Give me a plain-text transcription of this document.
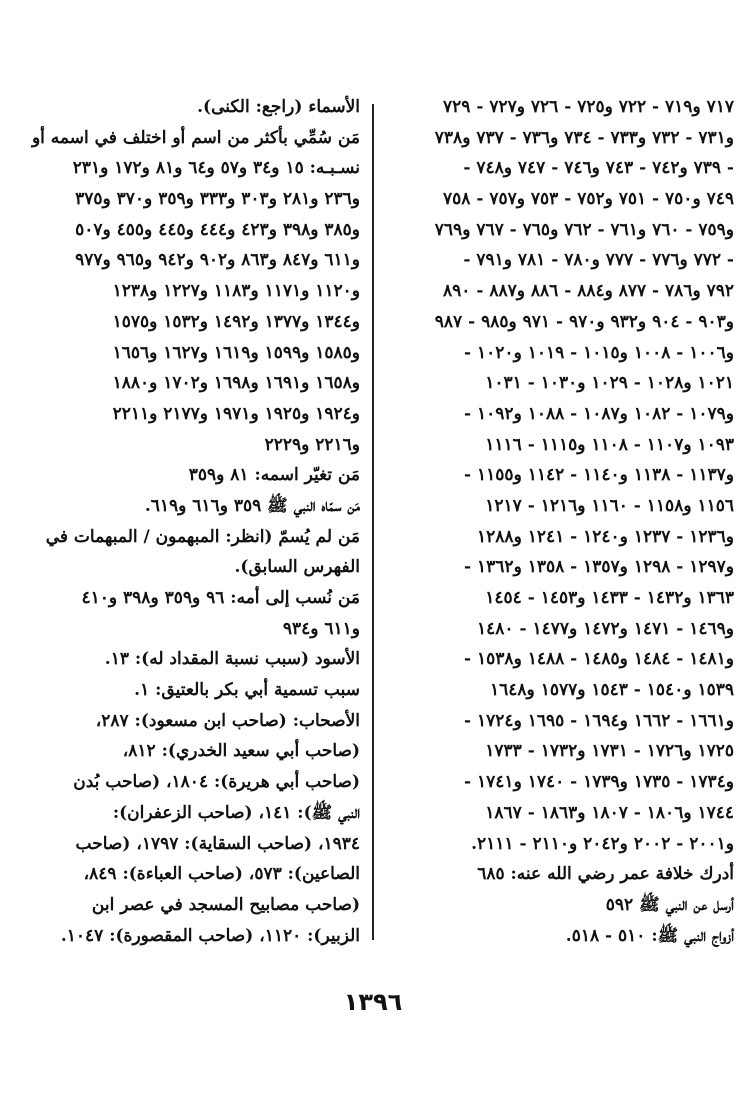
٧١٧ و٧١٩ - ٧٢٢ و٧٢٥ - ٧٢٦ و٧٢٧ - ٧٢٩
و٧٣١ - ٧٣٢ و٧٣٣ - ٧٣٤ و٧٣٦ - ٧٣٧ و٧٣٨
- ٧٣٩ و٧٤٢ - ٧٤٣ و٧٤٦ - ٧٤٧ و٧٤٨ -
٧٤٩ و٧٥٠ - ٧٥١ و٧٥٢ - ٧٥٣ و٧٥٧ - ٧٥٨
و٧٥٩ - ٧٦٠ و٧٦١ - ٧٦٢ و٧٦٥ - ٧٦٧ و٧٦٩
- ٧٧٢ و٧٧٦ - ٧٧٧ و٧٨٠ - ٧٨١ و٧٩١ -
٧٩٢ و٧٨٦ - ٨٧٧ و٨٨٤ - ٨٨٦ و٨٨٧ - ٨٩٠
و٩٠٣ - ٩٠٤ و٩٣٢ و٩٧٠ - ٩٧١ و٩٨٥ - ٩٨٧
و١٠٠٦ - ١٠٠٨ و١٠١٥ - ١٠١٩ و١٠٢٠ -
١٠٢١ و١٠٢٨ - ١٠٢٩ و١٠٣٠ - ١٠٣١
و١٠٧٩ - ١٠٨٢ و١٠٨٧ - ١٠٨٨ و١٠٩٢ -
١٠٩٣ و١١٠٧ - ١١٠٨ و١١١٥ - ١١١٦
و١١٣٧ - ١١٣٨ و١١٤٠ - ١١٤٢ و١١٥٥ -
١١٥٦ و١١٥٨ - ١١٦٠ و١٢١٦ - ١٢١٧
و١٢٣٦ - ١٢٣٧ و١٢٤٠ - ١٢٤١ و١٢٨٨
و١٢٩٧ - ١٢٩٨ و١٣٥٧ - ١٣٥٨ و١٣٦٢ -
١٣٦٣ و١٤٣٢ - ١٤٣٣ و١٤٥٣ - ١٤٥٤
و١٤٦٩ - ١٤٧١ و١٤٧٢ و١٤٧٧ - ١٤٨٠
و١٤٨١ - ١٤٨٤ و١٤٨٥ - ١٤٨٨ و١٥٣٨ -
١٥٣٩ و١٥٤٠ - ١٥٤٣ و١٥٧٧ و١٦٤٨
و١٦٦١ - ١٦٦٢ و١٦٩٤ - ١٦٩٥ و١٧٢٤ -
١٧٢٥ و١٧٢٦ - ١٧٣١ و١٧٣٢ - ١٧٣٣
و١٧٣٤ - ١٧٣٥ و١٧٣٩ - ١٧٤٠ و١٧٤١ -
١٧٤٤ و١٨٠٦ - ١٨٠٧ و١٨٦٣ - ١٨٦٧
و٢٠٠١ - ٢٠٠٢ و٢٠٤٢ و٢١١٠ - ٢١١١.
أدرك خلافة عمر رضي الله عنه: ٦٨٥
أرسل عن النبي ﷺ ٥٩٢
أزواج النبي ﷺ: ٥١٠ - ٥١٨.
الأسماء (راجع: الكنى).
مَن سُمِّي بأكثر من اسم أو اختلف في اسمه أو
نسـبـه: ١٥ و٣٤ و٥٧ و٦٤ و٨١ و١٧٢ و٢٣١
و٢٣٦ و٢٨١ و٣٠٣ و٣٣٣ و٣٥٩ و٣٧٠ و٣٧٥
و٣٨٥ و٣٩٨ و٤٢٣ و٤٤٤ و٤٤٥ و٤٥٥ و٥٠٧
و٦١١ و٨٤٧ و٨٦٣ و٩٠٢ و٩٤٢ و٩٦٥ و٩٧٧
و١١٢٠ و١١٧١ و١١٨٣ و١٢٢٧ و١٢٣٨
و١٣٤٤ و١٣٧٧ و١٤٩٢ و١٥٣٢ و١٥٧٥
و١٥٨٥ و١٥٩٩ و١٦١٩ و١٦٢٧ و١٦٥٦
و١٦٥٨ و١٦٩١ و١٦٩٨ و١٧٠٢ و١٨٨٠
و١٩٢٤ و١٩٢٥ و١٩٧١ و٢١٧٧ و٢٢١١
و٢٢١٦ و٢٢٢٩
مَن تغيّر اسمه: ٨١ و٣٥٩
مَن سمّاه النبي ﷺ ٣٥٩ و٦١٦ و٦١٩.
مَن لم يُسمّ (انظر: المبهمون / المبهمات في
الفهرس السابق).
مَن نُسب إلى أمه: ٩٦ و٣٥٩ و٣٩٨ و٤١٠
و٦١١ و٩٣٤
الأسود (سبب نسبة المقداد له): ١٣.
سبب تسمية أبي بكر بالعتيق: ١.
الأصحاب: (صاحب ابن مسعود): ٢٨٧،
(صاحب أبي سعيد الخدري): ٨١٢،
(صاحب أبي هريرة): ١٨٠٤، (صاحب بُدن
النبي ﷺ): ١٤١، (صاحب الزعفران):
١٩٣٤، (صاحب السقاية): ١٧٩٧، (صاحب
الصاعين): ٥٧٣، (صاحب العباءة): ٨٤٩،
(صاحب مصابيح المسجد في عصر ابن
الزبير): ١١٢٠، (صاحب المقصورة): ١٠٤٧.
١٣٩٦
